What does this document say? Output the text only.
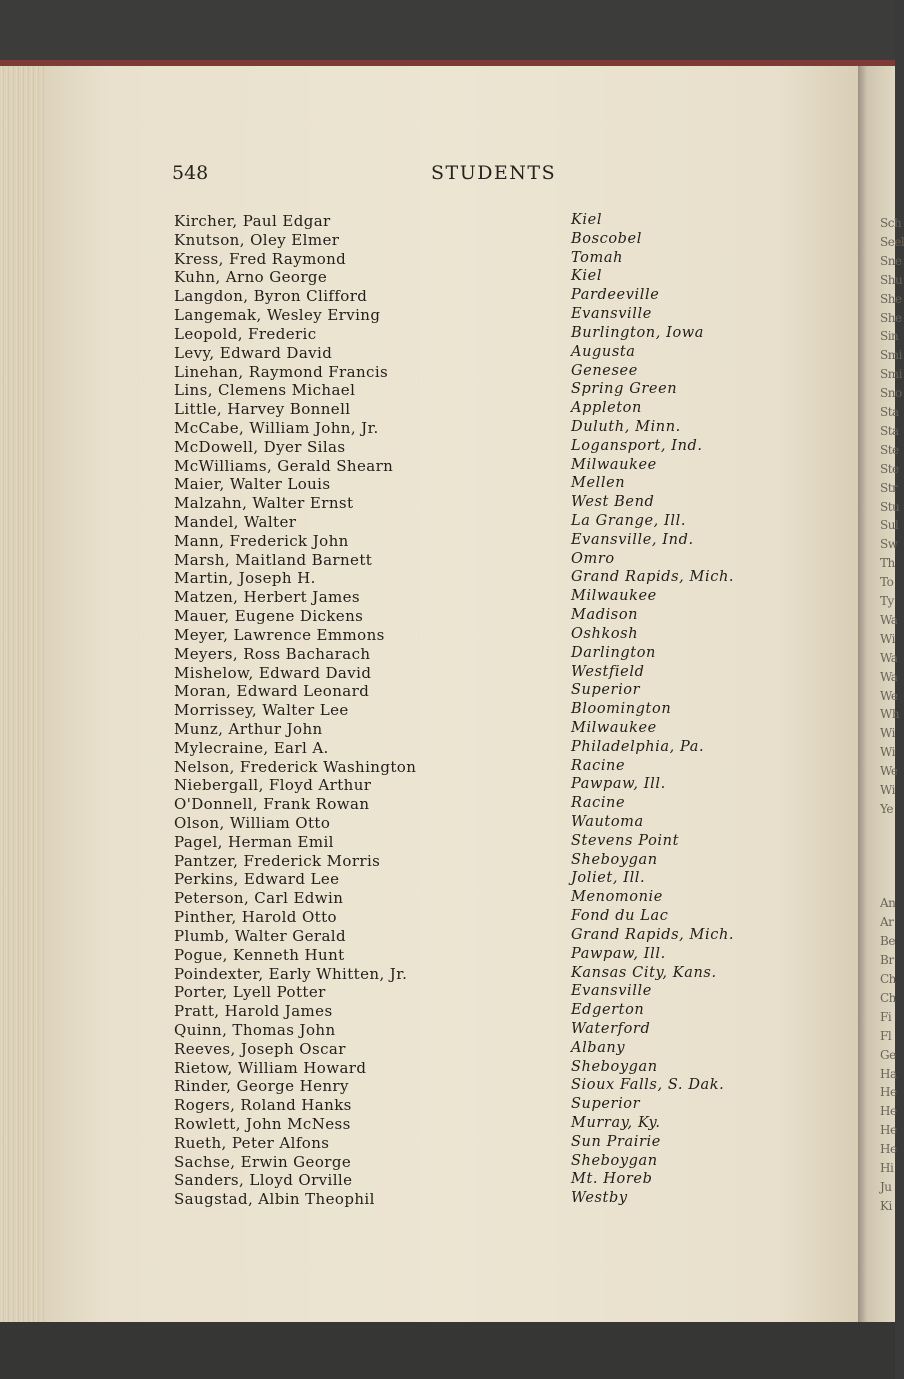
Sch
Seel
Sne
Shu
She
She
Sin
Smi
Smi
Sno
Sta
Sta
Ste
Ste
Str
Stu
Sul
Sw
Th
To
Ty
Wa
Wi
Wa
Wa
We
Wh
Wi
Wi
We
Wi
Ye
An
Ar
Be
Br
Ch
Ch
Fi
Fl
Ge
Ha
He
He
He
He
Hi
Ju
Ki
548	STUDENTS
Kircher, Paul Edgar	Kiel
Knutson, Oley Elmer	Boscobel
Kress, Fred Raymond	Tomah
Kuhn, Arno George	Kiel
Langdon, Byron Clifford	Pardeeville
Langemak, Wesley Erving	Evansville
Leopold, Frederic	Burlington, Iowa
Levy, Edward David	Augusta
Linehan, Raymond Francis	Genesee
Lins, Clemens Michael	Spring Green
Little, Harvey Bonnell	Appleton
McCabe, William John, Jr.	Duluth, Minn.
McDowell, Dyer Silas	Logansport, Ind.
McWilliams, Gerald Shearn	Milwaukee
Maier, Walter Louis	Mellen
Malzahn, Walter Ernst	West Bend
Mandel, Walter	La Grange, Ill.
Mann, Frederick John	Evansville, Ind.
Marsh, Maitland Barnett	Omro
Martin, Joseph H.	Grand Rapids, Mich.
Matzen, Herbert James	Milwaukee
Mauer, Eugene Dickens	Madison
Meyer, Lawrence Emmons	Oshkosh
Meyers, Ross Bacharach	Darlington
Mishelow, Edward David	Westfield
Moran, Edward Leonard	Superior
Morrissey, Walter Lee	Bloomington
Munz, Arthur John	Milwaukee
Mylecraine, Earl A.	Philadelphia, Pa.
Nelson, Frederick Washington	Racine
Niebergall, Floyd Arthur	Pawpaw, Ill.
O'Donnell, Frank Rowan	Racine
Olson, William Otto	Wautoma
Pagel, Herman Emil	Stevens Point
Pantzer, Frederick Morris	Sheboygan
Perkins, Edward Lee	Joliet, Ill.
Peterson, Carl Edwin	Menomonie
Pinther, Harold Otto	Fond du Lac
Plumb, Walter Gerald	Grand Rapids, Mich.
Pogue, Kenneth Hunt	Pawpaw, Ill.
Poindexter, Early Whitten, Jr.	Kansas City, Kans.
Porter, Lyell Potter	Evansville
Pratt, Harold James	Edgerton
Quinn, Thomas John	Waterford
Reeves, Joseph Oscar	Albany
Rietow, William Howard	Sheboygan
Rinder, George Henry	Sioux Falls, S. Dak.
Rogers, Roland Hanks	Superior
Rowlett, John McNess	Murray, Ky.
Rueth, Peter Alfons	Sun Prairie
Sachse, Erwin George	Sheboygan
Sanders, Lloyd Orville	Mt. Horeb
Saugstad, Albin Theophil	Westby
